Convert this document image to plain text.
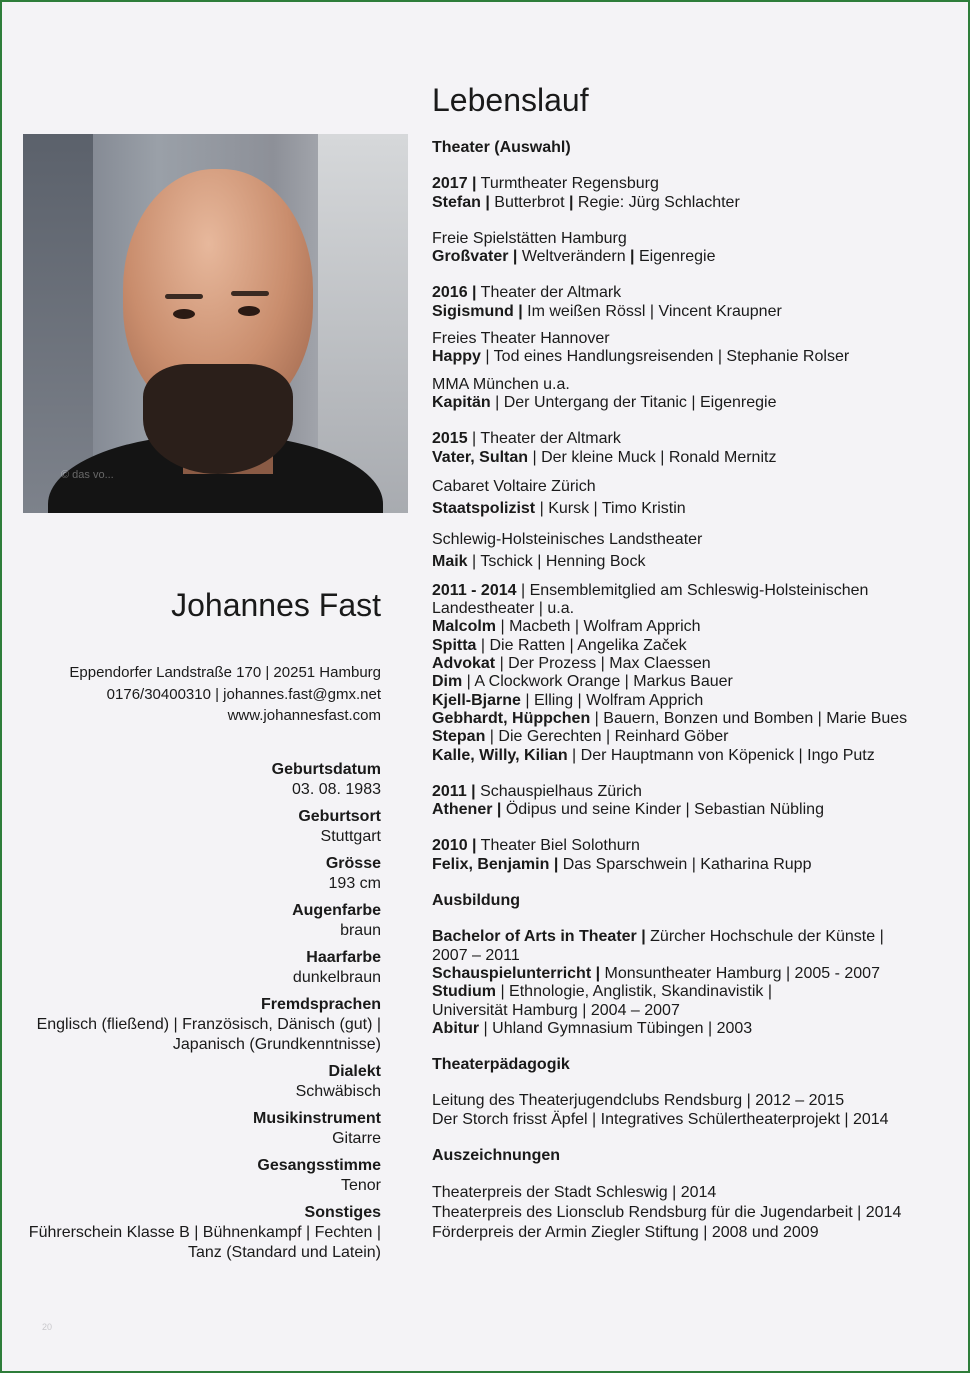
© das vo...
Johannes Fast
Eppendorfer Landstraße 170 | 20251 Hamburg
0176/30400310 | johannes.fast@gmx.net
www.johannesfast.com
Geburtsdatum
03. 08. 1983
Geburtsort
Stuttgart
Grösse
193 cm
Augenfarbe
braun
Haarfarbe
dunkelbraun
Fremdsprachen
Englisch (fließend) | Französisch, Dänisch (gut) |
Japanisch (Grundkenntnisse)
Dialekt
Schwäbisch
Musikinstrument
Gitarre
Gesangsstimme
Tenor
Sonstiges
Führerschein Klasse B | Bühnenkampf | Fechten |
Tanz (Standard und Latein)
Lebenslauf
Theater (Auswahl)
2017 | Turmtheater Regensburg
Stefan | Butterbrot | Regie: Jürg Schlachter
Freie Spielstätten Hamburg
Großvater | Weltverändern | Eigenregie
2016 | Theater der Altmark
Sigismund | Im weißen Rössl | Vincent Kraupner
Freies Theater Hannover
Happy | Tod eines Handlungsreisenden | Stephanie Rolser
MMA München u.a.
Kapitän | Der Untergang der Titanic | Eigenregie
2015 | Theater der Altmark
Vater, Sultan | Der kleine Muck | Ronald Mernitz
Cabaret Voltaire Zürich
Staatspolizist | Kursk | Timo Kristin
Schlewig-Holsteinisches Landstheater
Maik | Tschick | Henning Bock
2011 - 2014 | Ensemblemitglied am Schleswig-Holsteinischen
Landestheater | u.a.
Malcolm | Macbeth | Wolfram Apprich
Spitta | Die Ratten | Angelika Začek
Advokat | Der Prozess | Max Claessen
Dim | A Clockwork Orange | Markus Bauer
Kjell-Bjarne | Elling | Wolfram Apprich
Gebhardt, Hüppchen | Bauern, Bonzen und Bomben | Marie Bues
Stepan | Die Gerechten | Reinhard Göber
Kalle, Willy, Kilian | Der Hauptmann von Köpenick | Ingo Putz
2011 | Schauspielhaus Zürich
Athener | Ödipus und seine Kinder | Sebastian Nübling
2010 | Theater Biel Solothurn
Felix, Benjamin | Das Sparschwein | Katharina Rupp
Ausbildung
Bachelor of Arts in Theater | Zürcher Hochschule der Künste |
2007 – 2011
Schauspielunterricht | Monsuntheater Hamburg | 2005 - 2007
Studium | Ethnologie, Anglistik, Skandinavistik |
Universität Hamburg | 2004 – 2007
Abitur | Uhland Gymnasium Tübingen | 2003
Theaterpädagogik
Leitung des Theaterjugendclubs Rendsburg | 2012 – 2015
Der Storch frisst Äpfel | Integratives Schülertheaterprojekt | 2014
Auszeichnungen
Theaterpreis der Stadt Schleswig | 2014
Theaterpreis des Lionsclub Rendsburg für die Jugendarbeit | 2014
Förderpreis der Armin Ziegler Stiftung | 2008 und 2009
20
